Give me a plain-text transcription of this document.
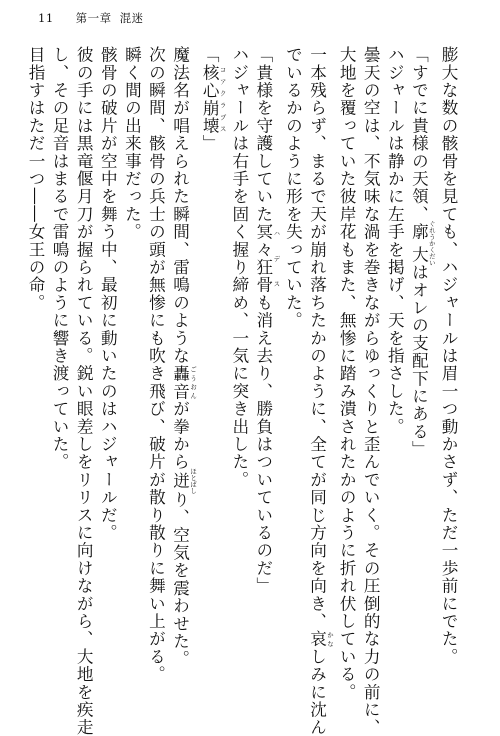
11 第一章 混迷

膨大な数の骸骨を見ても、ハジャールは眉一つ動かさず、ただ一歩前にでた。

「すでに貴様の天領、廓大 ぐれうかくだいはオレの支配下にある」

ハジャールは静かに左手を掲げ、天を指さした。

曇天の空は、不気味な渦を巻きながらゆっくりと歪んでいく。その圧倒的な力の前に、

大地を覆っていた彼岸花もまた、無惨に踏み潰されたかのように折れ伏している。

一本残らず、まるで天が崩れ落ちたかのように、全てが同じ方向を向き、哀 かなしみに沈ん

でいるかのように形を失っていた。

「貴様を守護していた冥々狂骨 ハデスも消え去り、勝負はついているのだ」

ハジャールは右手を固く握り締め、一気に突き出した。

「核心崩壊 コアクラプス」

魔法名が唱えられた瞬間、雷鳴のような轟音 ごうおんが拳から迸 ほとばしり、空気を震わせた。

次の瞬間、骸骨の兵士の頭が無惨にも吹き飛び、破片が散り散りに舞い上がる。

瞬く間の出来事だった。

骸骨の破片が空中を舞う中、最初に動いたのはハジャールだ。

彼の手には黒竜偃月刀が握られている。鋭い眼差しをリリスに向けながら、大地を疾走

し、その足音はまるで雷鳴のように響き渡っていた。

目指すはただ一つ――女王の命。
